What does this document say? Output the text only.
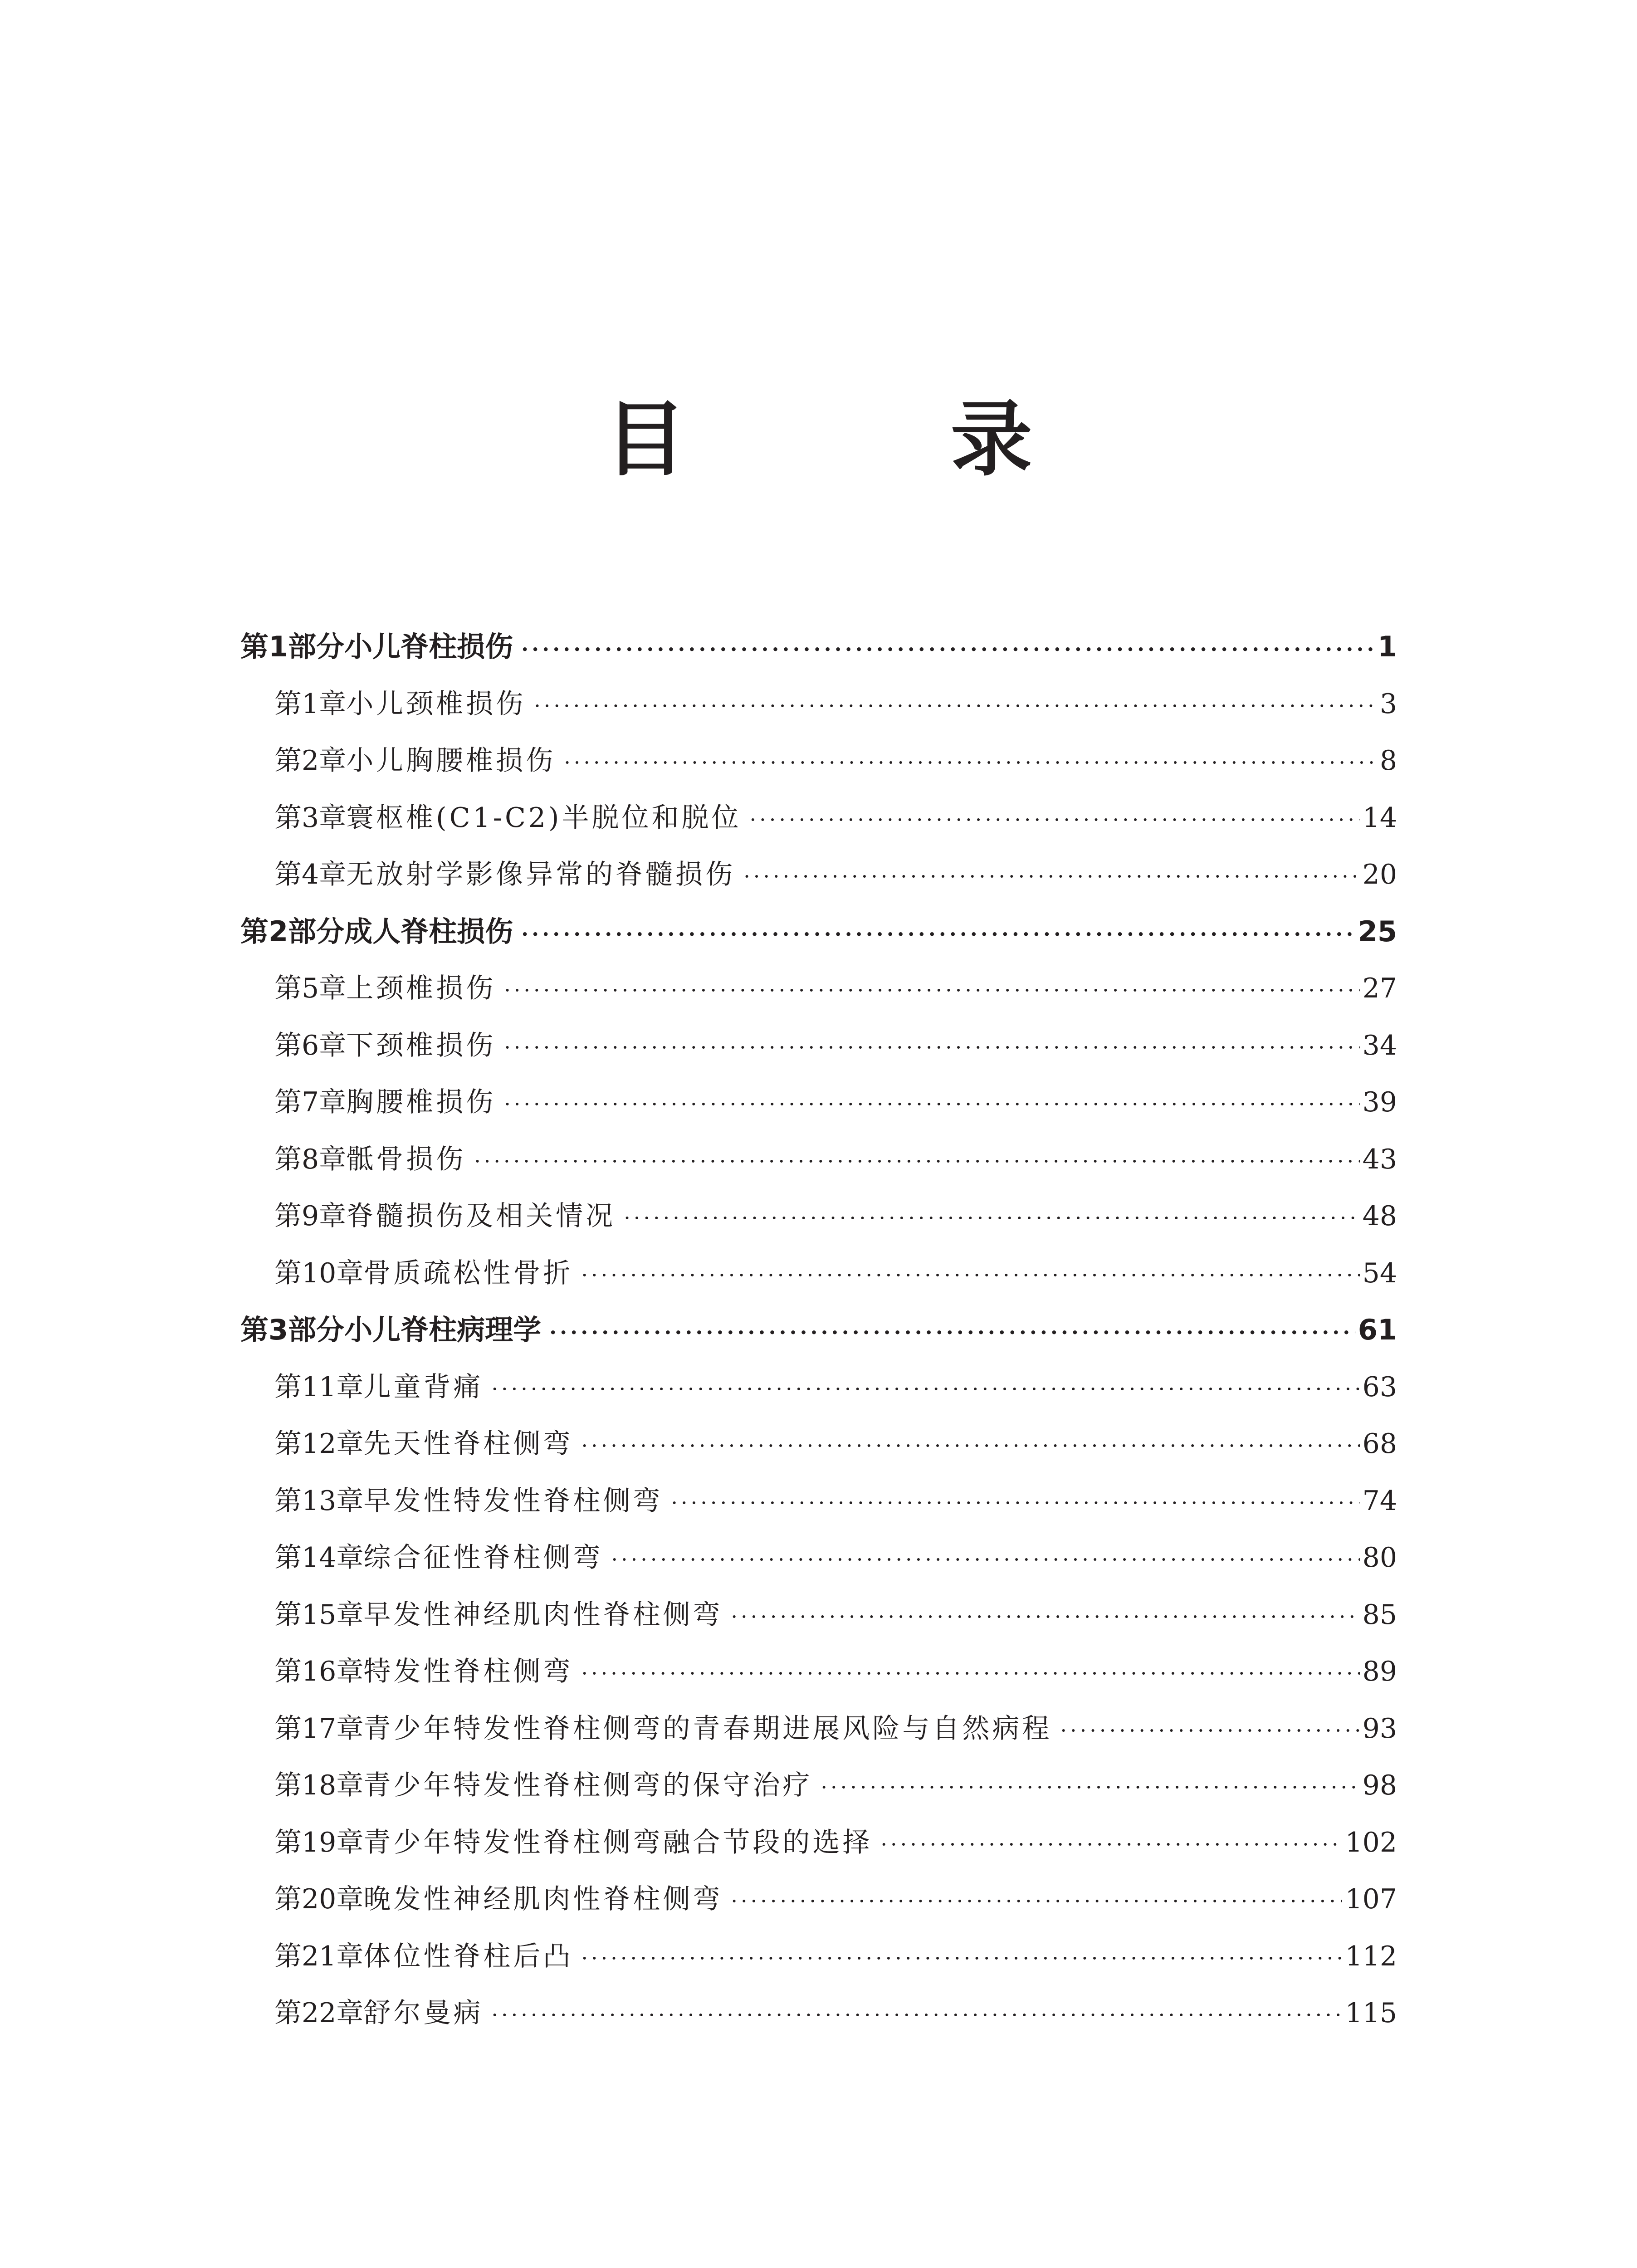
目 录
第1部分 小儿脊柱损伤 ·····	1
第1章 小儿颈椎损伤 ·····	3
第2章 小儿胸腰椎损伤 ·····	8
第3章 寰枢椎(C1-C2)半脱位和脱位 ·····	14
第4章 无放射学影像异常的脊髓损伤 ·····	20
第2部分 成人脊柱损伤 ·····	25
第5章 上颈椎损伤 ·····	27
第6章 下颈椎损伤 ·····	34
第7章 胸腰椎损伤 ·····	39
第8章 骶骨损伤 ·····	43
第9章 脊髓损伤及相关情况 ·····	48
第10章 骨质疏松性骨折 ·····	54
第3部分 小儿脊柱病理学 ·····	61
第11章 儿童背痛 ·····	63
第12章 先天性脊柱侧弯 ·····	68
第13章 早发性特发性脊柱侧弯 ·····	74
第14章 综合征性脊柱侧弯 ·····	80
第15章 早发性神经肌肉性脊柱侧弯 ·····	85
第16章 特发性脊柱侧弯 ·····	89
第17章 青少年特发性脊柱侧弯的青春期进展风险与自然病程 ·····	93
第18章 青少年特发性脊柱侧弯的保守治疗 ·····	98
第19章 青少年特发性脊柱侧弯融合节段的选择 ·····	102
第20章 晚发性神经肌肉性脊柱侧弯 ·····	107
第21章 体位性脊柱后凸 ·····	112
第22章 舒尔曼病 ·····	115
